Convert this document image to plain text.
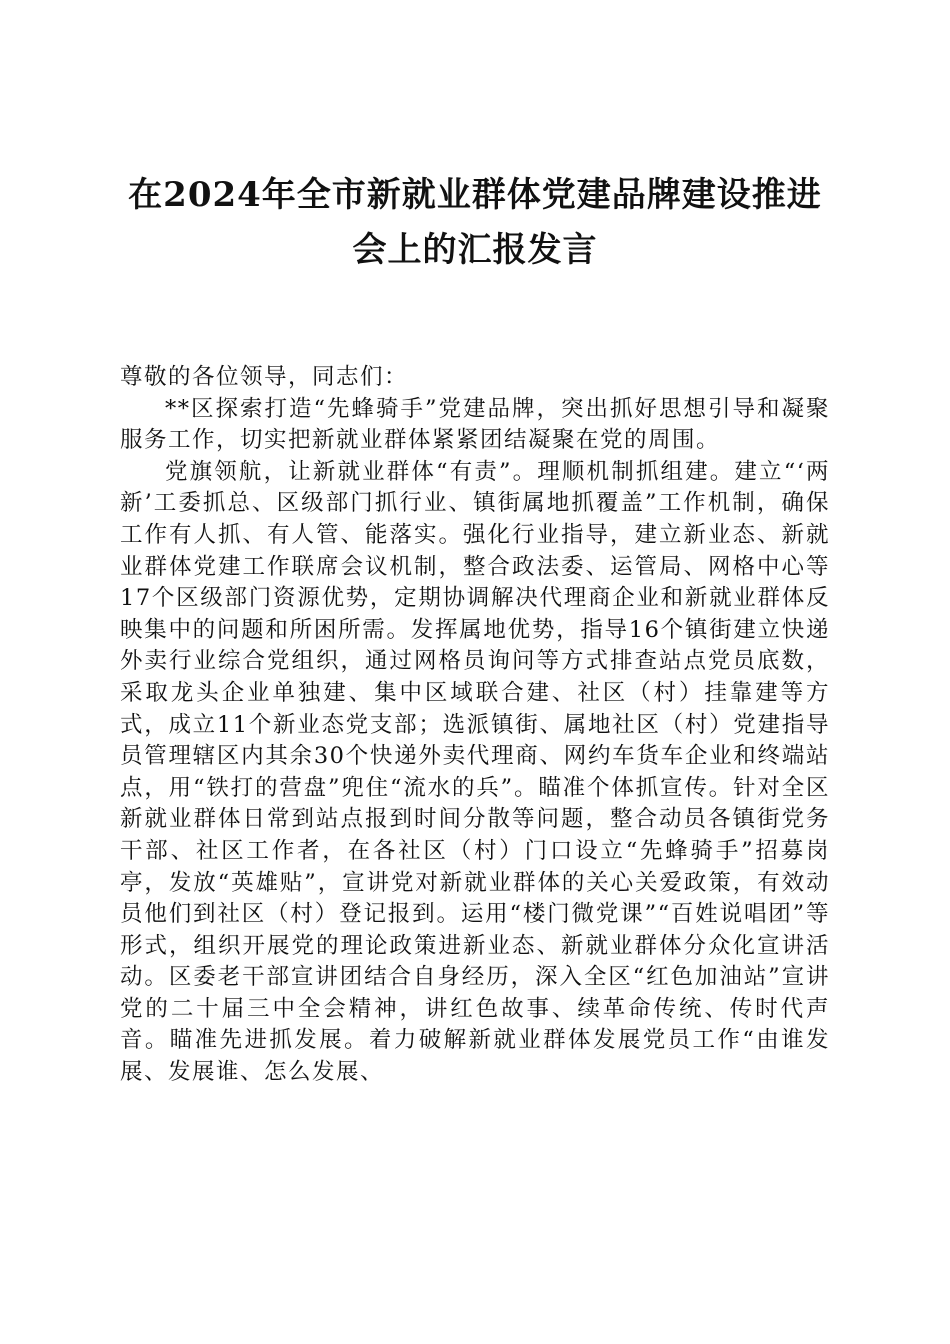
在2024年全市新就业群体党建品牌建设推进
会上的汇报发言

尊敬的各位领导，同志们：

**区探索打造“先蜂骑手”党建品牌，突出抓好思想引导和凝聚服务工作，切实把新就业群体紧紧团结凝聚在党的周围。

党旗领航，让新就业群体“有责”。理顺机制抓组建。建立“‘两新’工委抓总、区级部门抓行业、镇街属地抓覆盖”工作机制，确保工作有人抓、有人管、能落实。强化行业指导，建立新业态、新就业群体党建工作联席会议机制，整合政法委、运管局、网格中心等17个区级部门资源优势，定期协调解决代理商企业和新就业群体反映集中的问题和所困所需。发挥属地优势，指导16个镇街建立快递外卖行业综合党组织，通过网格员询问等方式排查站点党员底数，采取龙头企业单独建、集中区域联合建、社区（村）挂靠建等方式，成立11个新业态党支部；选派镇街、属地社区（村）党建指导员管理辖区内其余30个快递外卖代理商、网约车货车企业和终端站点，用“铁打的营盘”兜住“流水的兵”。瞄准个体抓宣传。针对全区新就业群体日常到站点报到时间分散等问题，整合动员各镇街党务干部、社区工作者，在各社区（村）门口设立“先蜂骑手”招募岗亭，发放“英雄贴”，宣讲党对新就业群体的关心关爱政策，有效动员他们到社区（村）登记报到。运用“楼门微党课”“百姓说唱团”等形式，组织开展党的理论政策进新业态、新就业群体分众化宣讲活动。区委老干部宣讲团结合自身经历，深入全区“红色加油站”宣讲党的二十届三中全会精神，讲红色故事、续革命传统、传时代声音。瞄准先进抓发展。着力破解新就业群体发展党员工作“由谁发展、发展谁、怎么发展、
